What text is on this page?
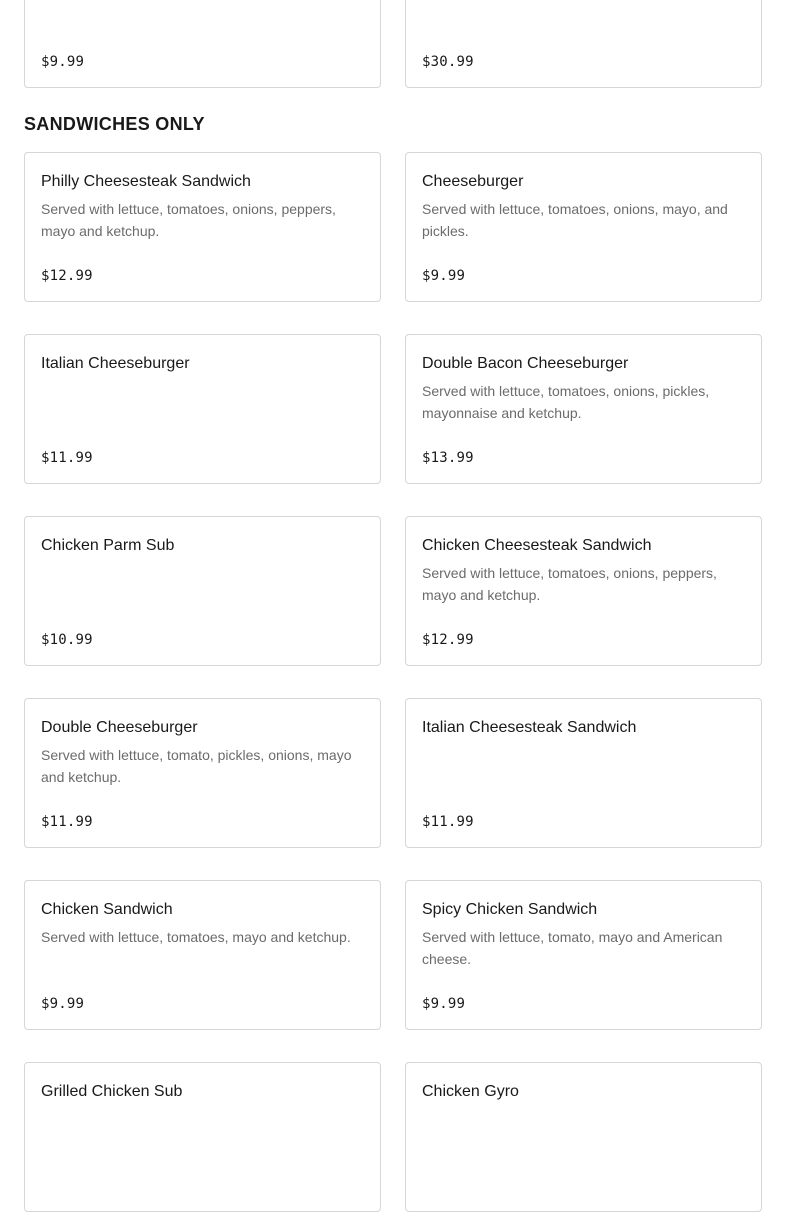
$9.99	$30.99
SANDWICHES ONLY
Philly Cheesesteak Sandwich
Served with lettuce, tomatoes, onions, peppers, mayo and ketchup.
$12.99
Cheeseburger
Served with lettuce, tomatoes, onions, mayo, and pickles.
$9.99
Italian Cheeseburger
$11.99
Double Bacon Cheeseburger
Served with lettuce, tomatoes, onions, pickles, mayonnaise and ketchup.
$13.99
Chicken Parm Sub
$10.99
Chicken Cheesesteak Sandwich
Served with lettuce, tomatoes, onions, peppers, mayo and ketchup.
$12.99
Double Cheeseburger
Served with lettuce, tomato, pickles, onions, mayo and ketchup.
$11.99
Italian Cheesesteak Sandwich
$11.99
Chicken Sandwich
Served with lettuce, tomatoes, mayo and ketchup.
$9.99
Spicy Chicken Sandwich
Served with lettuce, tomato, mayo and American cheese.
$9.99
Grilled Chicken Sub	Chicken Gyro
